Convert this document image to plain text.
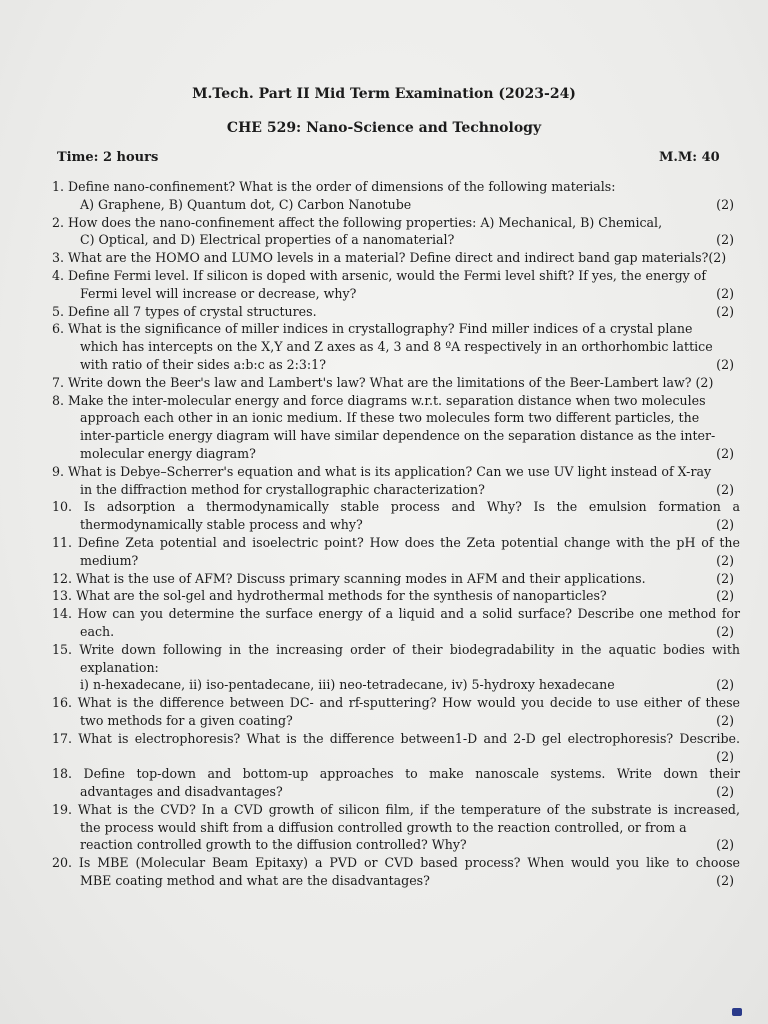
M.Tech. Part II Mid Term Examination (2023-24)
CHE 529: Nano-Science and Technology
Time: 2 hours	M.M: 40
1. Define nano-confinement? What is the order of dimensions of the following materials:
A) Graphene, B) Quantum dot, C) Carbon Nanotube	(2)
2. How does the nano-confinement affect the following properties: A) Mechanical, B) Chemical,
C) Optical, and D) Electrical properties of a nanomaterial?	(2)
3. What are the HOMO and LUMO levels in a material? Define direct and indirect band gap materials?(2)
4. Define Fermi level. If silicon is doped with arsenic, would the Fermi level shift? If yes, the energy of
Fermi level will increase or decrease, why?	(2)
5. Define all 7 types of crystal structures.	(2)
6. What is the significance of miller indices in crystallography? Find miller indices of a crystal plane
which has intercepts on the X,Y and Z axes as 4, 3 and 8 ºA respectively in an orthorhombic lattice
with ratio of their sides a:b:c as 2:3:1?	(2)
7. Write down the Beer's law and Lambert's law? What are the limitations of the Beer-Lambert law? (2)
8. Make the inter-molecular energy and force diagrams w.r.t. separation distance when two molecules
approach each other in an ionic medium. If these two molecules form two different particles, the
inter-particle energy diagram will have similar dependence on the separation distance as the inter-
molecular energy diagram?	(2)
9. What is Debye–Scherrer's equation and what is its application? Can we use UV light instead of X-ray
in the diffraction method for crystallographic characterization?	(2)
10. Is adsorption a thermodynamically stable process and Why? Is the emulsion formation a
thermodynamically stable process and why?	(2)
11. Define Zeta potential and isoelectric point? How does the Zeta potential change with the pH of the
medium?	(2)
12. What is the use of AFM? Discuss primary scanning modes in AFM and their applications.	(2)
13. What are the sol-gel and hydrothermal methods for the synthesis of nanoparticles?	(2)
14. How can you determine the surface energy of a liquid and a solid surface? Describe one method for
each.	(2)
15. Write down following in the increasing order of their biodegradability in the aquatic bodies with
explanation:
i) n-hexadecane, ii) iso-pentadecane, iii) neo-tetradecane, iv) 5-hydroxy hexadecane	(2)
16. What is the difference between DC- and rf-sputtering? How would you decide to use either of these
two methods for a given coating?	(2)
17. What is electrophoresis? What is the difference between1-D and 2-D gel electrophoresis? Describe.

(2)
18. Define top-down and bottom-up approaches to make nanoscale systems. Write down their
advantages and disadvantages?	(2)
19. What is the CVD? In a CVD growth of silicon film, if the temperature of the substrate is increased,
the process would shift from a diffusion controlled growth to the reaction controlled, or from a
reaction controlled growth to the diffusion controlled? Why?	(2)
20. Is MBE (Molecular Beam Epitaxy) a PVD or CVD based process? When would you like to choose
MBE coating method and what are the disadvantages?	(2)
